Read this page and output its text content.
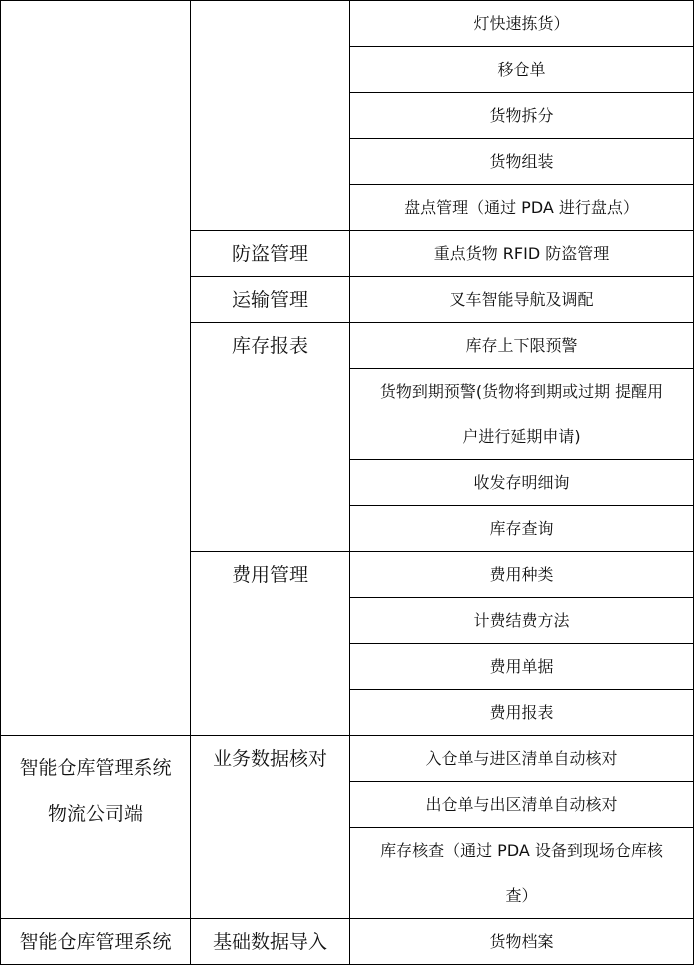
		灯快速拣货）

		移仓单

		货物拆分

		货物组装

		盘点管理（通过 PDA 进行盘点）

	防盗管理	重点货物 RFID 防盗管理

	运输管理	叉车智能导航及调配

	库存报表	库存上下限预警

		货物到期预警(货物将到期或过期 提醒用
户进行延期申请)

		收发存明细询

		库存查询

	费用管理	费用种类

		计费结费方法

		费用单据

		费用报表

智能仓库管理系统
物流公司端	业务数据核对	入仓单与进区清单自动核对

		出仓单与出区清单自动核对

		库存核查（通过 PDA 设备到现场仓库核
查）

智能仓库管理系统	基础数据导入	货物档案
